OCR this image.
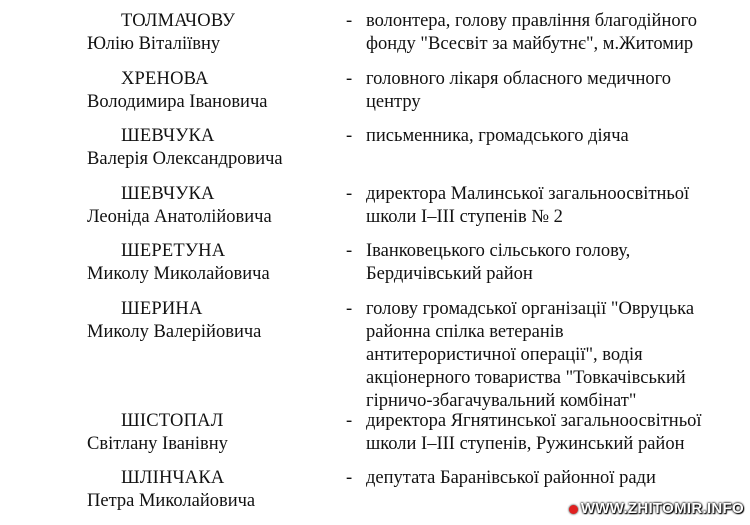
ТОЛМАЧОВУ
Юлію Віталіївну
- волонтера, голову правління благодійного
фонду "Всесвіт за майбутнє", м.Житомир
ХРЕНОВА
Володимира Івановича
- головного лікаря обласного медичного
центру
ШЕВЧУКА
Валерія Олександровича
- письменника, громадського діяча
ШЕВЧУКА
Леоніда Анатолійовича
- директора Малинської загальноосвітньої
школи І–ІІІ ступенів № 2
ШЕРЕТУНА
Миколу Миколайовича
- Іванковецького сільського голову,
Бердичівський район
ШЕРИНА
Миколу Валерійовича
- голову громадської організації "Овруцька
районна спілка ветеранів
антитерористичної операції", водія
акціонерного товариства "Товкачівський
гірничо-збагачувальний комбінат"
ШІСТОПАЛ
Світлану Іванівну
- директора Ягнятинської загальноосвітньої
школи І–ІІІ ступенів, Ружинський район
ШЛІНЧАКА
Петра Миколайовича
- депутата Баранівської районної ради
WWW.ZHITOMIR.INFO
